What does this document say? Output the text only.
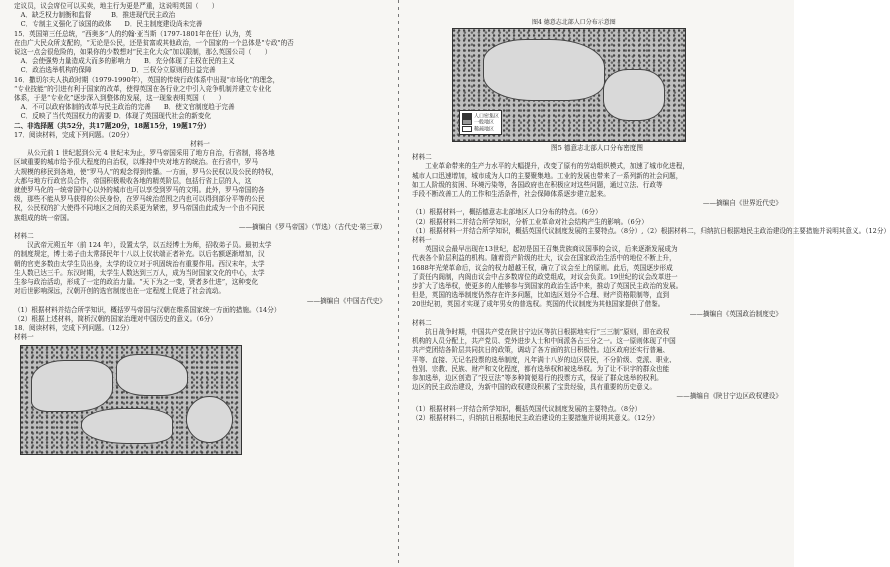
定议员，议会席位可以买卖，地主行为更是严重，这说明英国（　　）
　A．缺乏权力制衡和监督　　　B．推进现代民主政治
　C．专制主义强化了该国的政体　　D．民主制度建设尚未完善
15．英国第三任总统，“西奥多”人的约翰·亚当斯（1797-1801年在任）认为，英
在由广大民众所支配的，“无论是公民，还是贫富或其他政治，一个国家的一个总体是"专政"的否
说这一点会很危险的，如果你的少数想对“民主化大众”加以限制，那么英国公司（　　）
　A．会使强势力量造成大而多的影响力　　B．充分体现了主权在民的主义
　C．政治选举机构的保障　　　　　　D．三权分立原则的日益完善
16．撒切尔夫人执政时期（1979-1990年），英国的传统行政体系中出现“市场化”的理念，
“专业技能”的引进有利于国家的改革，使得英国在各行业之中引入竞争机制并建立专业化
体系，于是“专业化”逐步深入到整体的发展，这一现象表明英国（　　）
　A．不可以政府体制的改革与民主政治的完善　　B．使文官制度趋于完善
　C．反映了当代英国权力的需要 D．体现了英国现代社会的新变化
二、非选择题（共52分，共17题20分，18题15分，19题17分）
17．阅读材料，完成下列问题。（20分）
材料一
　　从公元前 1 世纪起到公元 4 世纪末为止，罗马帝国采用了地方自治，行省制，将各地
区域重要的城市给予很大程度的自治权，以维持中央对地方的统治。在行省中，罗马
大规模的移民到各地，使“罗马人”的观念得到传播。一方面，罗马公民权以及公民的特权，
大都与地方行政官员合作，帝国积极吸收各地的精英阶层，包括行省上层的人，这
就使罗马化的一统帝国中心以外的城市也可以享受到罗马的文明。此外，罗马帝国的各
级，那些不能从罗马获得的公民身份，在罗马统治范围之内也可以得到部分平等的公民
权，公民权的扩大使得不同地区之间的关系更为紧密，罗马帝国由此成为一个由不同民
族组成的统一帝国。
——摘编自《罗马帝国》（节选）（古代史·第三章）
材料二
　　汉武帝元朔五年（前 124 年），设置太学，以五经博士为师，招收弟子员。最初太学
的制度规定，博士弟子由太常择民年十八以上仪状端正者补充。以后名额逐渐增加，汉
朝的官吏多数由太学生员出身，太学的设立对于巩固统治有重要作用。西汉末年，太学
生人数已达三千。东汉时期，太学生人数达到三万人，成为当时国家文化的中心，太学
生参与政治活动，形成了一定的政治力量。“天下为之一变，贤者多仕进”，这种变化
对后世影响深远，汉朝开创的选官制度也在一定程度上促进了社会流动。
——摘编自《中国古代史》
（1）根据材料并结合所学知识，概括罗马帝国与汉朝在维系国家统一方面的措施。（14分）
（2）根据上述材料，简析汉朝的国家治理对中国历史的意义。（6分）
18．阅读材料，完成下列问题。（12分）
材料一
人口密集区
一般地区
稀疏地区
图4 德意志北部人口分布示意图
图5 德意志北部人口分布密度图
材料二
　　工业革命带来的生产力水平的大幅提升，改变了原有的劳动组织模式，加速了城市化进程，
城市人口迅速增加，城市成为人口的主要聚集地。工业的发展也带来了一系列新的社会问题，
如工人阶级的贫困、环境污染等，各国政府也在积极应对这些问题，通过立法、行政等
手段不断改善工人的工作和生活条件，社会保障体系逐步建立起来。
——摘编自《世界近代史》
（1）根据材料一，概括德意志北部地区人口分布的特点。（6分）
（2）根据材料二并结合所学知识，分析工业革命对社会结构产生的影响。（6分）
（1）根据材料一并结合所学知识，概括英国代议制度发展的主要特点。（8分）,（2）根据材料二，归纳抗日根据地民主政治建设的主要措施并说明其意义。（12分）
材料一
　　英国议会最早出现在13世纪，起初是国王召集贵族商议国事的会议，后来逐渐发展成为
代表各个阶层利益的机构。随着资产阶级的壮大，议会在国家政治生活中的地位不断上升，
1688年光荣革命后，议会的权力超越王权，确立了议会至上的原则。此后，英国逐步形成
了责任内阁制，内阁由议会中占多数席位的政党组成，对议会负责。19世纪的议会改革进一
步扩大了选举权，使更多的人能够参与到国家的政治生活中来，推动了英国民主政治的发展。
但是，英国的选举制度仍然存在许多问题，比如选区划分不合理、财产资格限制等，直到
20世纪初，英国才实现了成年男女的普选权。英国的代议制度为其他国家提供了借鉴。
——摘编自《英国政治制度史》
材料二
　　抗日战争时期，中国共产党在陕甘宁边区等抗日根据地实行“三三制”原则，即在政权
机构的人员分配上，共产党员、党外进步人士和中间派各占三分之一。这一原则体现了中国
共产党团结各阶层共同抗日的政策，调动了各方面的抗日积极性。边区政府还实行普遍、
平等、直接、无记名投票的选举制度，凡年满十八岁的边区居民，不分阶级、党派、职业、
性别、宗教、民族、财产和文化程度，都有选举权和被选举权。为了让不识字的群众也能
参加选举，边区创造了“投豆法”等多种简便易行的投票方式，保证了群众选举的权利。
边区的民主政治建设，为新中国的政权建设积累了宝贵经验，具有重要的历史意义。
——摘编自《陕甘宁边区政权建设》
（1）根据材料一并结合所学知识，概括英国代议制度发展的主要特点。（8分）
（2）根据材料二，归纳抗日根据地民主政治建设的主要措施并说明其意义。（12分）
